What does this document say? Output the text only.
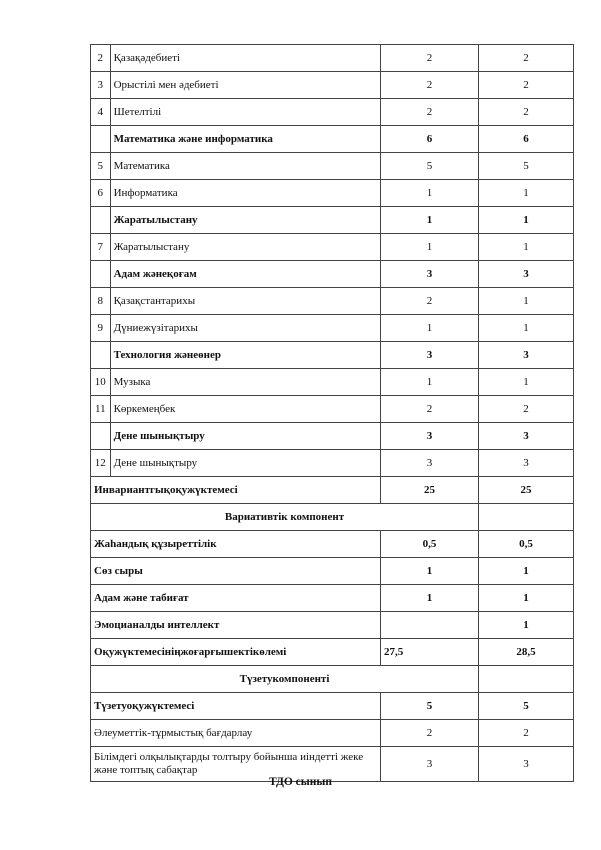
2	Қазақәдебиеті	2	2
3	Орыстілі мен әдебиеті	2	2
4	Шетелтілі	2	2
	Математика және информатика	6	6
5	Математика	5	5
6	Информатика	1	1
	Жаратылыстану	1	1
7	Жаратылыстану	1	1
	Адам жәнеқоғам	3	3
8	Қазақстантарихы	2	1
9	Дүниежүзітарихы	1	1
	Технология жәнеөнер	3	3
10	Музыка	1	1
11	Көркемеңбек	2	2
	Дене шынықтыру	3	3
12	Дене шынықтыру	3	3
Инвариантгықоқужүктемесі		25	25
Вариативтік компонент			
Жаһандық құзыреттілік		0,5	0,5
Сөз сыры		1	1
Адам және табиғат		1	1
Эмоцианалды интеллект			1
Оқужүктемесініңжоғарғышектікөлемі		27,5	28,5
Түзетукомпоненті			
Түзетуоқужүктемесі		5	5
Әлеуметтік-тұрмыстық бағдарлау		2	2
Білімдегі олқылықтарды толтыру бойынша иіндетті жеке және топтық сабақтар		3	3
ТДО сынып
